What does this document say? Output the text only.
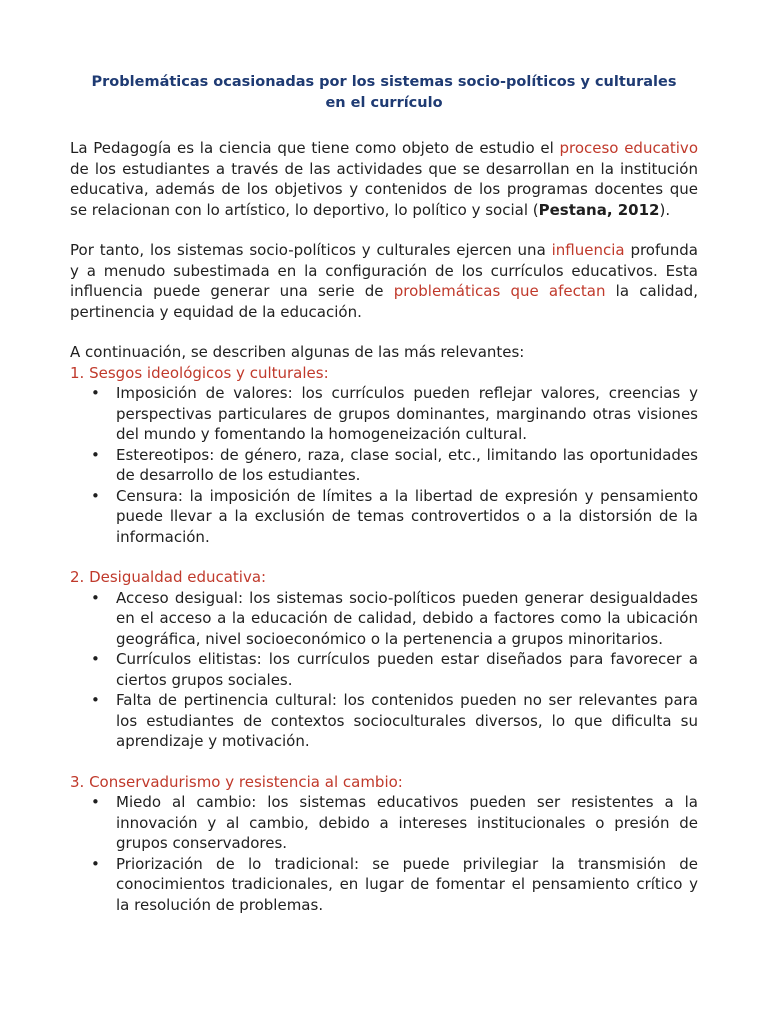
Problemáticas ocasionadas por los sistemas socio-políticos y culturales en el currículo

La Pedagogía es la ciencia que tiene como objeto de estudio el proceso educativo de los estudiantes a través de las actividades que se desarrollan en la institución educativa, además de los objetivos y contenidos de los programas docentes que se relacionan con lo artístico, lo deportivo, lo político y social (Pestana, 2012).

Por tanto, los sistemas socio-políticos y culturales ejercen una influencia profunda y a menudo subestimada en la configuración de los currículos educativos. Esta influencia puede generar una serie de problemáticas que afectan la calidad, pertinencia y equidad de la educación.

A continuación, se describen algunas de las más relevantes:

1. Sesgos ideológicos y culturales:

• Imposición de valores: los currículos pueden reflejar valores, creencias y perspectivas particulares de grupos dominantes, marginando otras visiones del mundo y fomentando la homogeneización cultural.
• Estereotipos: de género, raza, clase social, etc., limitando las oportunidades de desarrollo de los estudiantes.
• Censura: la imposición de límites a la libertad de expresión y pensamiento puede llevar a la exclusión de temas controvertidos o a la distorsión de la información.

2. Desigualdad educativa:

• Acceso desigual: los sistemas socio-políticos pueden generar desigualdades en el acceso a la educación de calidad, debido a factores como la ubicación geográfica, nivel socioeconómico o la pertenencia a grupos minoritarios.
• Currículos elitistas: los currículos pueden estar diseñados para favorecer a ciertos grupos sociales.
• Falta de pertinencia cultural: los contenidos pueden no ser relevantes para los estudiantes de contextos socioculturales diversos, lo que dificulta su aprendizaje y motivación.

3. Conservadurismo y resistencia al cambio:

• Miedo al cambio: los sistemas educativos pueden ser resistentes a la innovación y al cambio, debido a intereses institucionales o presión de grupos conservadores.
• Priorización de lo tradicional: se puede privilegiar la transmisión de conocimientos tradicionales, en lugar de fomentar el pensamiento crítico y la resolución de problemas.
